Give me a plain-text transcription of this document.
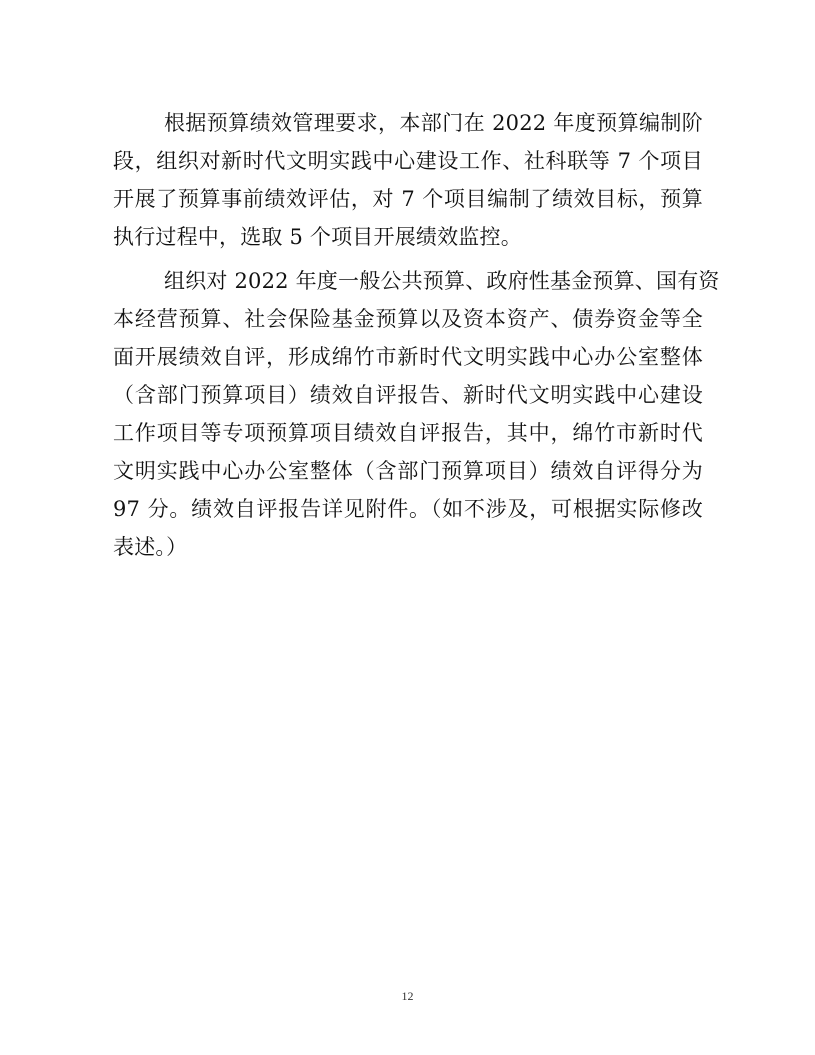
根据预算绩效管理要求，本部门在 2022 年度预算编制阶
段，组织对新时代文明实践中心建设工作、社科联等 7 个项目
开展了预算事前绩效评估，对 7 个项目编制了绩效目标，预算
执行过程中，选取 5 个项目开展绩效监控。
组织对 2022 年度一般公共预算、政府性基金预算、国有资
本经营预算、社会保险基金预算以及资本资产、债券资金等全
面开展绩效自评，形成绵竹市新时代文明实践中心办公室整体
（含部门预算项目）绩效自评报告、新时代文明实践中心建设
工作项目等专项预算项目绩效自评报告，其中，绵竹市新时代
文明实践中心办公室整体（含部门预算项目）绩效自评得分为
97 分。绩效自评报告详见附件。（如不涉及，可根据实际修改
表述。）
12
